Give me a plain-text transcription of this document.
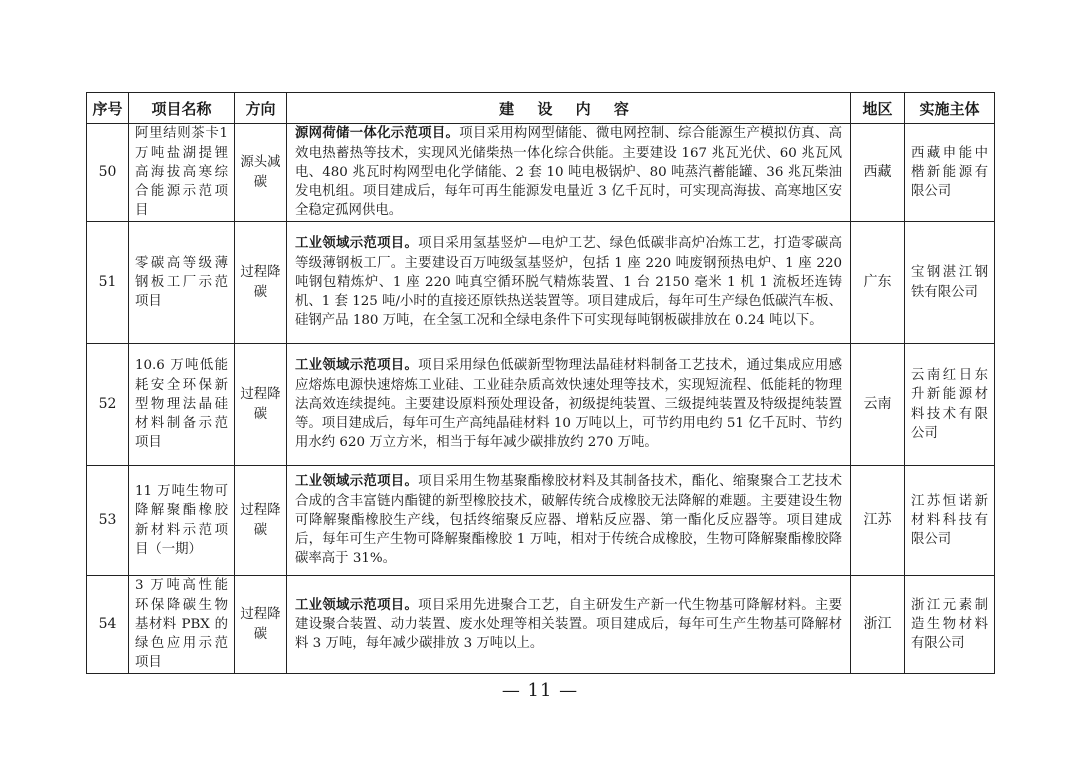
序号	项目名称	方向	建 设 内 容	地区	实施主体
50	阿里结则茶卡1万吨盐湖提锂高海拔高寒综合能源示范项目	源头减碳	源网荷储一体化示范项目。项目采用构网型储能、微电网控制、综合能源生产模拟仿真、高效电热蓄热等技术，实现风光储柴热一体化综合供能。主要建设 167 兆瓦光伏、60 兆瓦风电、480 兆瓦时构网型电化学储能、2 套 10 吨电极锅炉、80 吨蒸汽蓄能罐、36 兆瓦柴油发电机组。项目建成后，每年可再生能源发电量近 3 亿千瓦时，可实现高海拔、高寒地区安全稳定孤网供电。	西藏	西藏申能中楷新能源有限公司
51	零碳高等级薄钢板工厂示范项目	过程降碳	工业领域示范项目。项目采用氢基竖炉—电炉工艺、绿色低碳非高炉冶炼工艺，打造零碳高等级薄钢板工厂。主要建设百万吨级氢基竖炉，包括 1 座 220 吨废钢预热电炉、1 座 220 吨钢包精炼炉、1 座 220 吨真空循环脱气精炼装置、1 台 2150 毫米 1 机 1 流板坯连铸机、1 套 125 吨/小时的直接还原铁热送装置等。项目建成后，每年可生产绿色低碳汽车板、硅钢产品 180 万吨，在全氢工况和全绿电条件下可实现每吨钢板碳排放在 0.24 吨以下。	广东	宝钢湛江钢铁有限公司
52	10.6 万吨低能耗安全环保新型物理法晶硅材料制备示范项目	过程降碳	工业领域示范项目。项目采用绿色低碳新型物理法晶硅材料制备工艺技术，通过集成应用感应熔炼电源快速熔炼工业硅、工业硅杂质高效快速处理等技术，实现短流程、低能耗的物理法高效连续提纯。主要建设原料预处理设备，初级提纯装置、三级提纯装置及特级提纯装置等。项目建成后，每年可生产高纯晶硅材料 10 万吨以上，可节约用电约 51 亿千瓦时、节约用水约 620 万立方米，相当于每年减少碳排放约 270 万吨。	云南	云南红日东升新能源材料技术有限公司
53	11 万吨生物可降解聚酯橡胶新材料示范项目（一期）	过程降碳	工业领域示范项目。项目采用生物基聚酯橡胶材料及其制备技术，酯化、缩聚聚合工艺技术合成的含丰富链内酯键的新型橡胶技术，破解传统合成橡胶无法降解的难题。主要建设生物可降解聚酯橡胶生产线，包括终缩聚反应器、增粘反应器、第一酯化反应器等。项目建成后，每年可生产生物可降解聚酯橡胶 1 万吨，相对于传统合成橡胶，生物可降解聚酯橡胶降碳率高于 31%。	江苏	江苏恒诺新材料科技有限公司
54	3 万吨高性能环保降碳生物基材料 PBX 的绿色应用示范项目	过程降碳	工业领域示范项目。项目采用先进聚合工艺，自主研发生产新一代生物基可降解材料。主要建设聚合装置、动力装置、废水处理等相关装置。项目建成后，每年可生产生物基可降解材料 3 万吨，每年减少碳排放 3 万吨以上。	浙江	浙江元素制造生物材料有限公司
— 11 —
